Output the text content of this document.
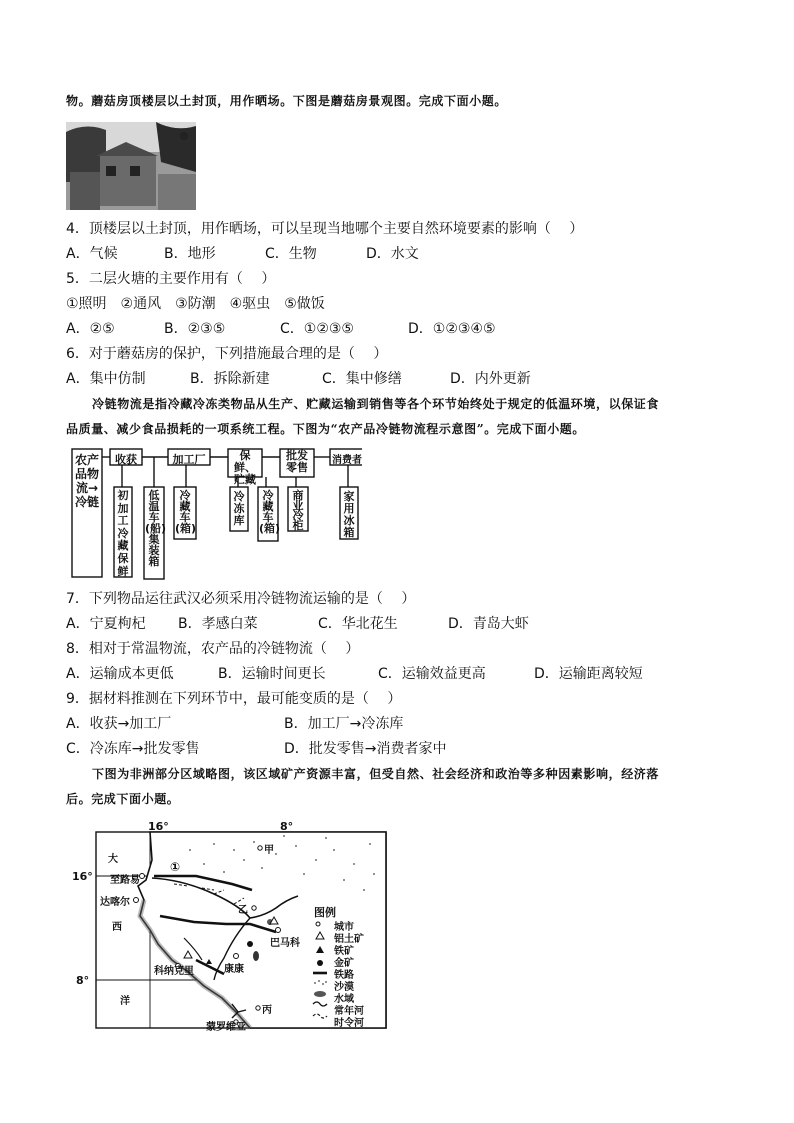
物。蘑菇房顶楼层以土封顶，用作晒场。下图是蘑菇房景观图。完成下面小题。
4．顶楼层以土封顶，用作晒场，可以呈现当地哪个主要自然环境要素的影响（　 ）
A．气候	B．地形	C．生物	D．水文
5．二层火塘的主要作用有（　 ）
①照明　②通风　③防潮　④驱虫　⑤做饭
A．②⑤	B．②③⑤	C．①②③⑤	D．①②③④⑤
6．对于蘑菇房的保护，下列措施最合理的是（　 ）
A．集中仿制	B．拆除新建	C．集中修缮	D．内外更新
冷链物流是指冷藏冷冻类物品从生产、贮藏运输到销售等各个环节始终处于规定的低温环境，以保证食
品质量、减少食品损耗的一项系统工程。下图为“农产品冷链物流程示意图”。完成下面小题。
农产品物流→冷链
收获	加工厂	保鲜、贮藏
批发零售
消费者
初加工冷藏保鲜
低温车(船)集装箱
冷藏车(箱)
冷冻库
冷藏车(箱)
商业冷柜
家用冰箱
7．下列物品运往武汉必须采用冷链物流运输的是（　 ）
A．宁夏枸杞 B．孝感白菜	C．华北花生	D．青岛大虾
8．相对于常温物流，农产品的冷链物流（　 ）
A．运输成本更低	B．运输时间更长	C．运输效益更高	D．运输距离较短
9．据材料推测在下列环节中，最可能变质的是（　 ）
A．收获→加工厂	B．加工厂→冷冻库
C．冷冻库→批发零售	D．批发零售→消费者家中
下图为非洲部分区域略图，该区域矿产资源丰富，但受自然、社会经济和政治等多种因素影响，经济落
后。完成下面小题。
16°	8°
16°
8°
大
西
洋
至路易
达喀尔
科纳克里	康康
巴马科
蒙罗维亚
甲
乙
丙
①
图例
城市
铝土矿
铁矿
金矿
铁路
沙漠
水域
常年河
时令河
